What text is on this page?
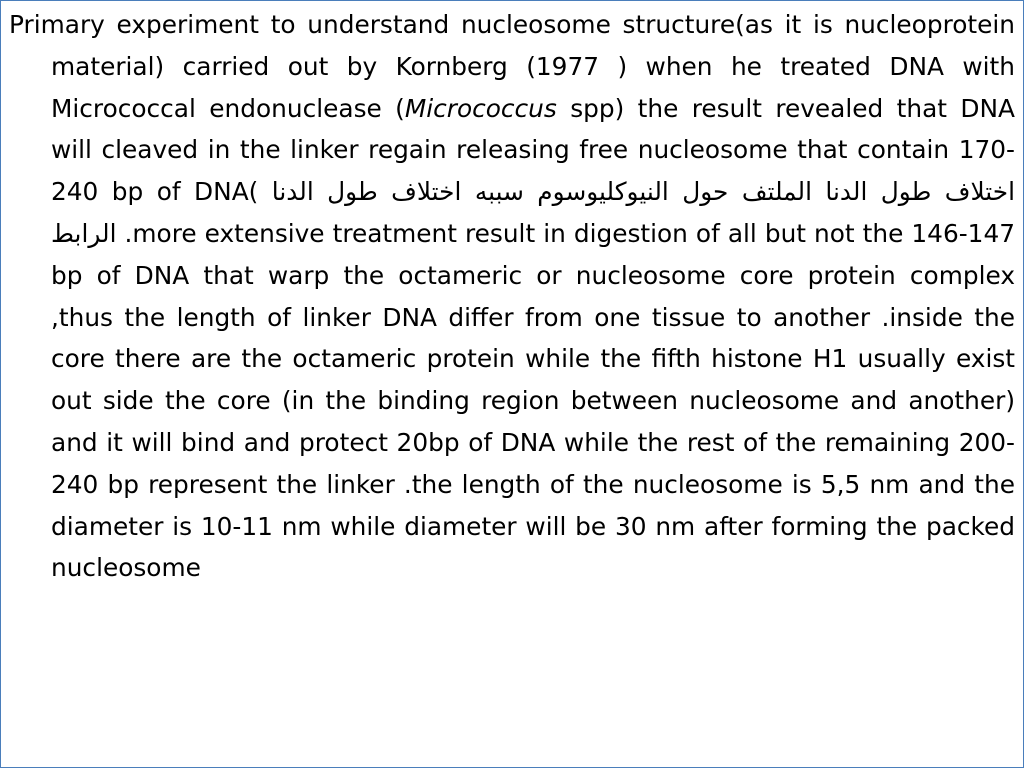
Primary experiment to understand nucleosome structure(as it is nucleoprotein material) carried out by Kornberg (1977 ) when he treated DNA with Micrococcal endonuclease (Micrococcus spp) the result revealed that DNA will cleaved in the linker regain releasing free nucleosome that contain 170-240 bp of DNA( اختلاف طول الدنا الملتف حول النيوكليوسوم سببه اختلاف طول الدنا الرابط .more extensive treatment result in digestion of all but not the 146-147 bp of DNA that warp the octameric or nucleosome core protein complex ,thus the length of linker DNA differ from one tissue to another .inside the core there are the octameric protein while the fifth histone H1 usually exist out side the core (in the binding region between nucleosome and another) and it will bind and protect 20bp of DNA while the rest of the remaining 200-240 bp represent the linker .the length of the nucleosome is 5,5 nm and the diameter is 10-11 nm while diameter will be 30 nm after forming the packed nucleosome
